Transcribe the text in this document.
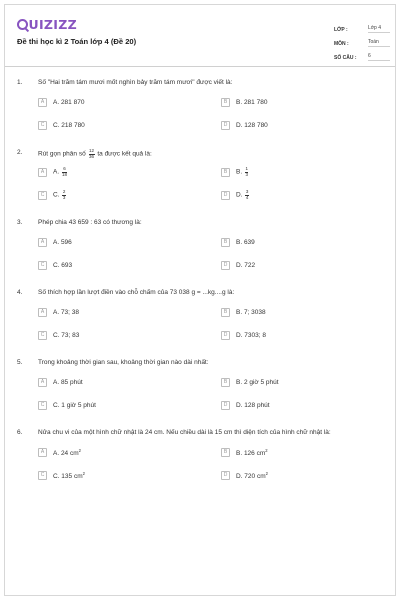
UIZIZZ
Đề thi học kì 2 Toán lớp 4 (Đề 20)
LỚP :	Lớp 4
MÔN :	Toán
SỐ CÂU : 6
1. Số "Hai trăm tám mươi mốt nghìn bảy trăm tám mươi" được viết là:
A	A. 281 870	B	B. 281 780
C	C. 218 780	D	D. 128 780
2. Rút gọn phân số $\frac{12}{36}$ ta được kết quả là:
A	A. $\frac{6}{18}$	B	B. $\frac{1}{3}$
C	C. $\frac{2}{3}$	D	D. $\frac{3}{4}$
3. Phép chia 43 659 : 63 có thương là:
A	A. 596	B	B. 639
C	C. 693	D	D. 722
4. Số thích hợp lần lượt điền vào chỗ chấm của 73 038 g = ...kg....g là:
A	A. 73; 38	B	B. 7; 3038
C	C. 73; 83	D	D. 7303; 8
5. Trong khoảng thời gian sau, khoảng thời gian nào dài nhất:
A	A. 85 phút	B	B. 2 giờ 5 phút
C	C. 1 giờ 5 phút	D	D. 128 phút
6. Nửa chu vi của một hình chữ nhật là 24 cm. Nếu chiều dài là 15 cm thì diện tích của hình chữ nhật là:
A	A. 24 $cm^2$	B	B. 126 $cm^2$
C	C. 135 $cm^2$	D	D. 720 $cm^2$
